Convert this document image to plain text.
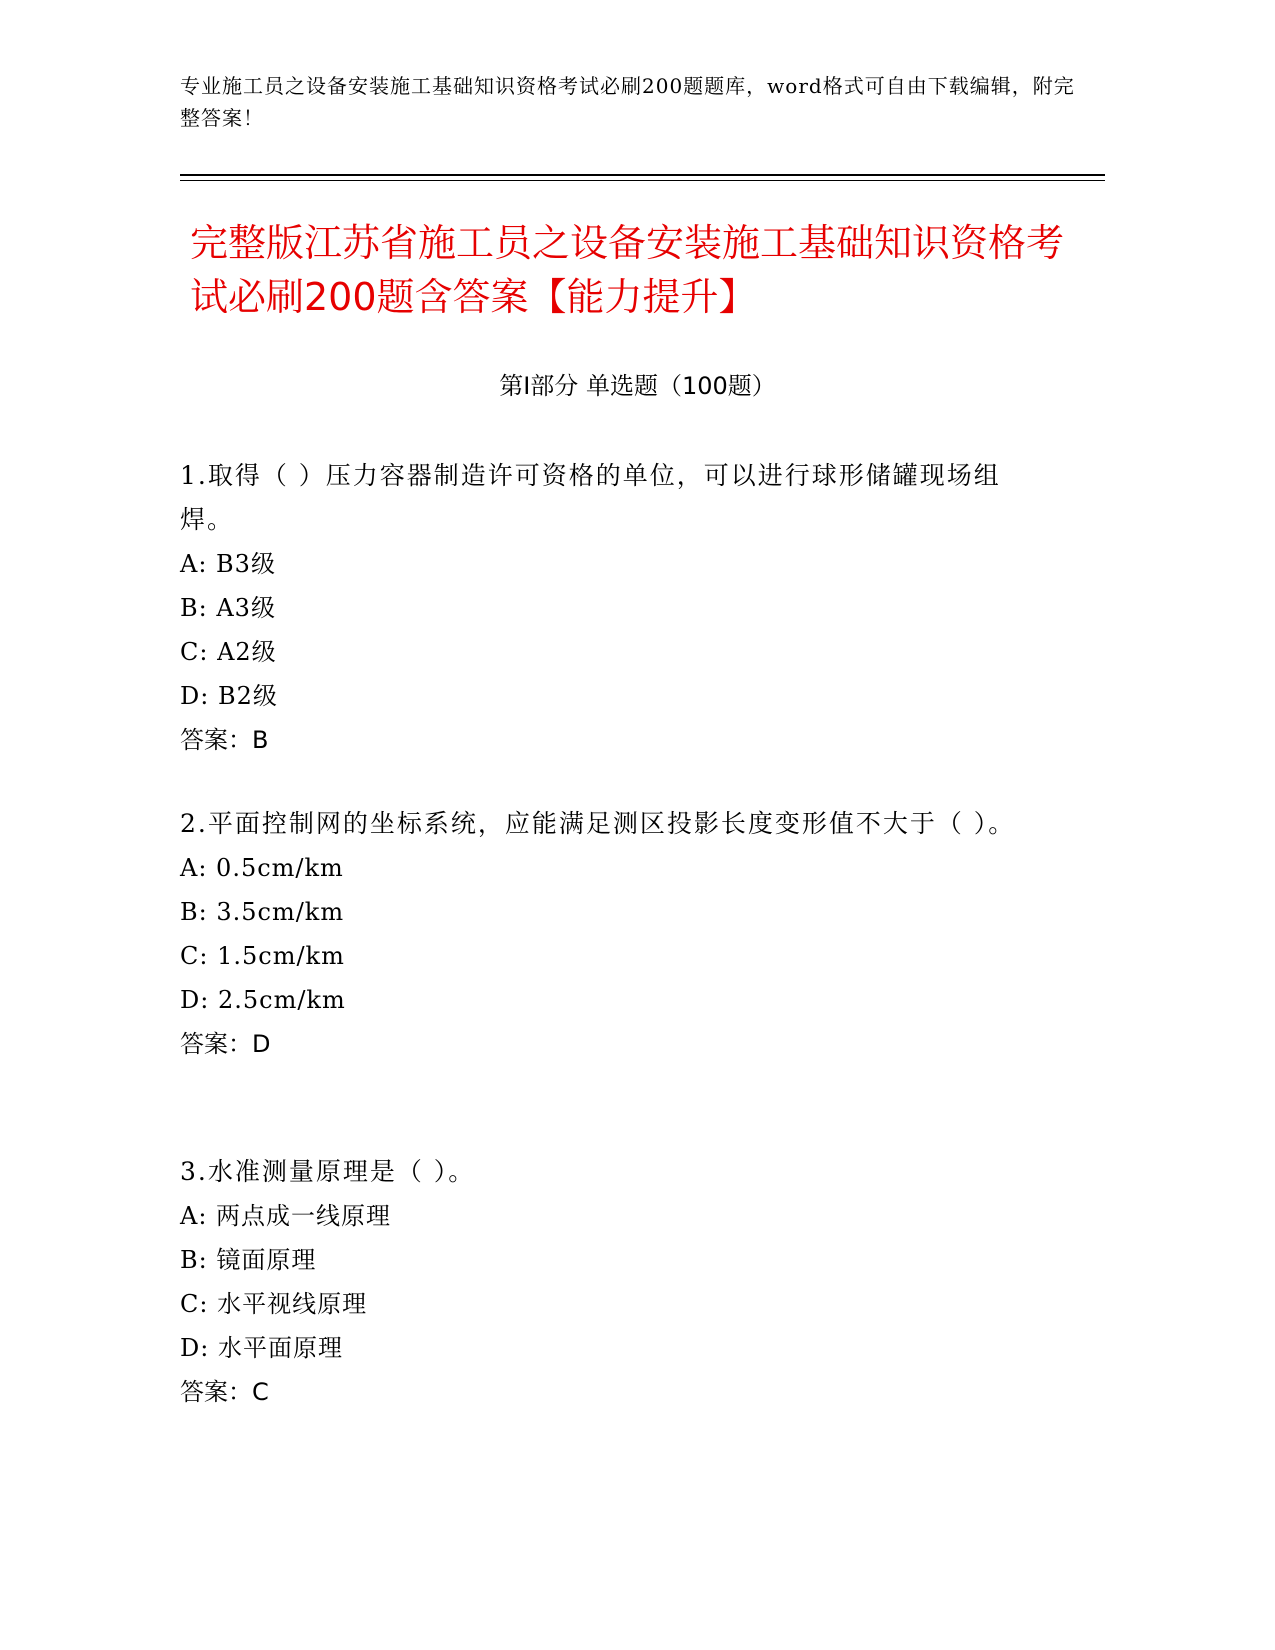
专业施工员之设备安装施工基础知识资格考试必刷200题题库，word格式可自由下载编辑，附完整答案！
完整版江苏省施工员之设备安装施工基础知识资格考试必刷200题含答案【能力提升】
第Ⅰ部分 单选题（100题）
1.取得（ ）压力容器制造许可资格的单位，可以进行球形储罐现场组焊。
A: B3级
B: A3级
C: A2级
D: B2级
答案：B
2.平面控制网的坐标系统，应能满足测区投影长度变形值不大于（ ）。
A: 0.5cm/km
B: 3.5cm/km
C: 1.5cm/km
D: 2.5cm/km
答案：D
3.水准测量原理是（ ）。
A: 两点成一线原理
B: 镜面原理
C: 水平视线原理
D: 水平面原理
答案：C
